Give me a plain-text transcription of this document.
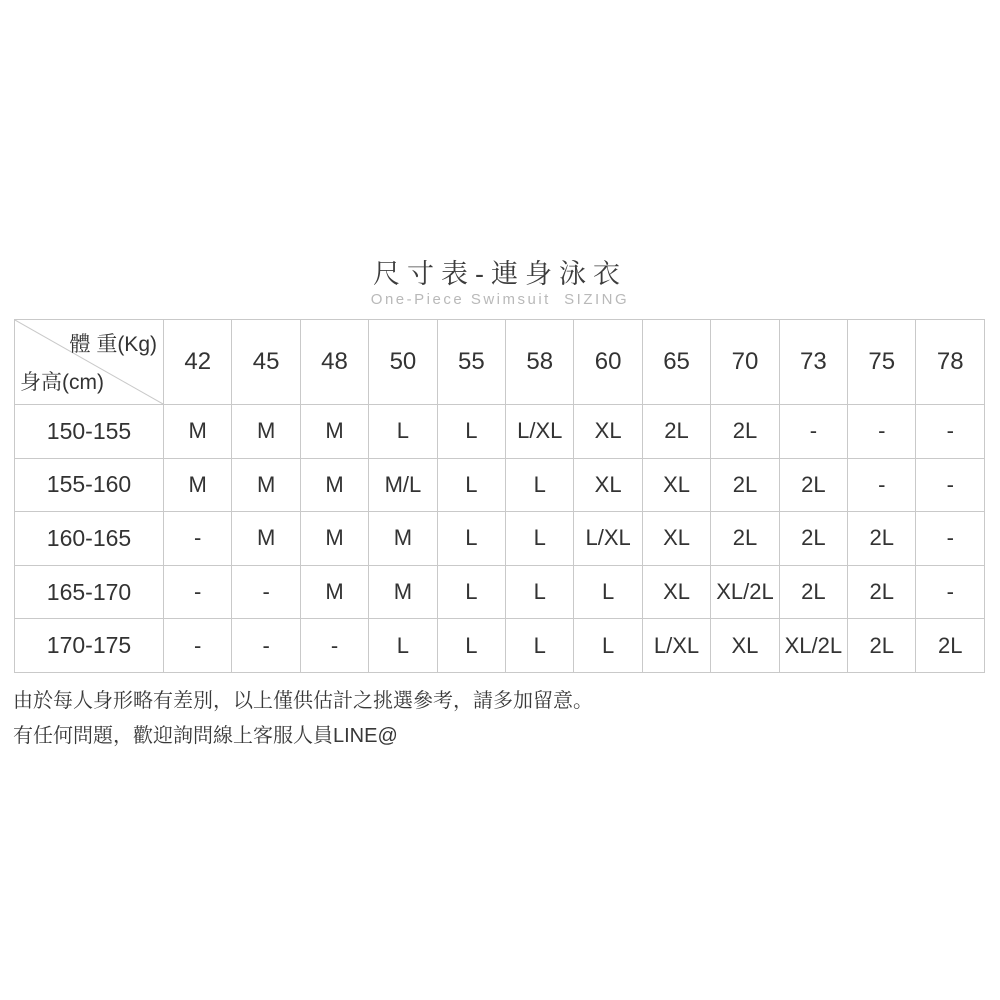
尺寸表-連身泳衣
One-Piece Swimsuit  SIZING
體 重(Kg)
身高(cm)	42	45	48	50	55	58	60	65	70	73	75	78
150-155	M	M	M	L	L	L/XL	XL	2L	2L	-	-	-
155-160	M	M	M	M/L	L	L	XL	XL	2L	2L	-	-
160-165	-	M	M	M	L	L	L/XL	XL	2L	2L	2L	-
165-170	-	-	M	M	L	L	L	XL	XL/2L	2L	2L	-
170-175	-	-	-	L	L	L	L	L/XL	XL	XL/2L	2L	2L
由於每人身形略有差別，以上僅供估計之挑選參考，請多加留意。
有任何問題，歡迎詢問線上客服人員LINE@
